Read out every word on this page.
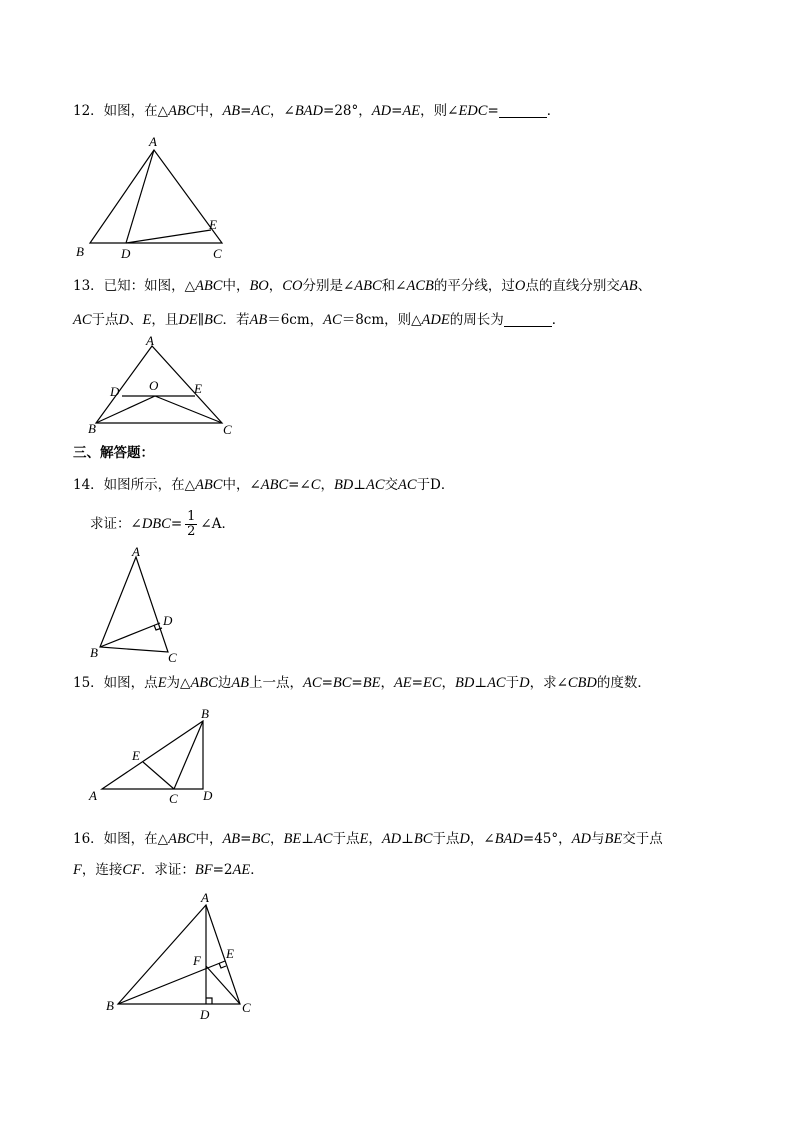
12．如图，在△ABC中，AB=AC，∠BAD=28°，AD=AE，则∠EDC=	．
A
B	C
D
E
13．已知：如图，△ABC中，BO，CO分别是∠ABC和∠ACB的平分线，过O点的直线分别交AB、
AC于点D、E，且DE∥BC．若AB＝6cm，AC＝8cm，则△ADE的周长为	．
A
B	C
D	E
O
三、解答题：
14．如图所示，在△ABC中，∠ABC=∠C，BD⊥AC交AC于D．
求证：∠ DBC = $\frac{1}{2}$ ∠A．
A
B	C
D
15．如图，点E为△ABC边AB上一点，AC=BC=BE，AE=EC，BD⊥AC于D，求∠CBD的度数．
A
B
C D
E
16．如图，在△ABC中，AB=BC，BE⊥AC于点E，AD⊥BC于点D，∠BAD=45°，AD与BE交于点
F，连接CF．求证：BF=2AE．
A
B	C
D
E
F
